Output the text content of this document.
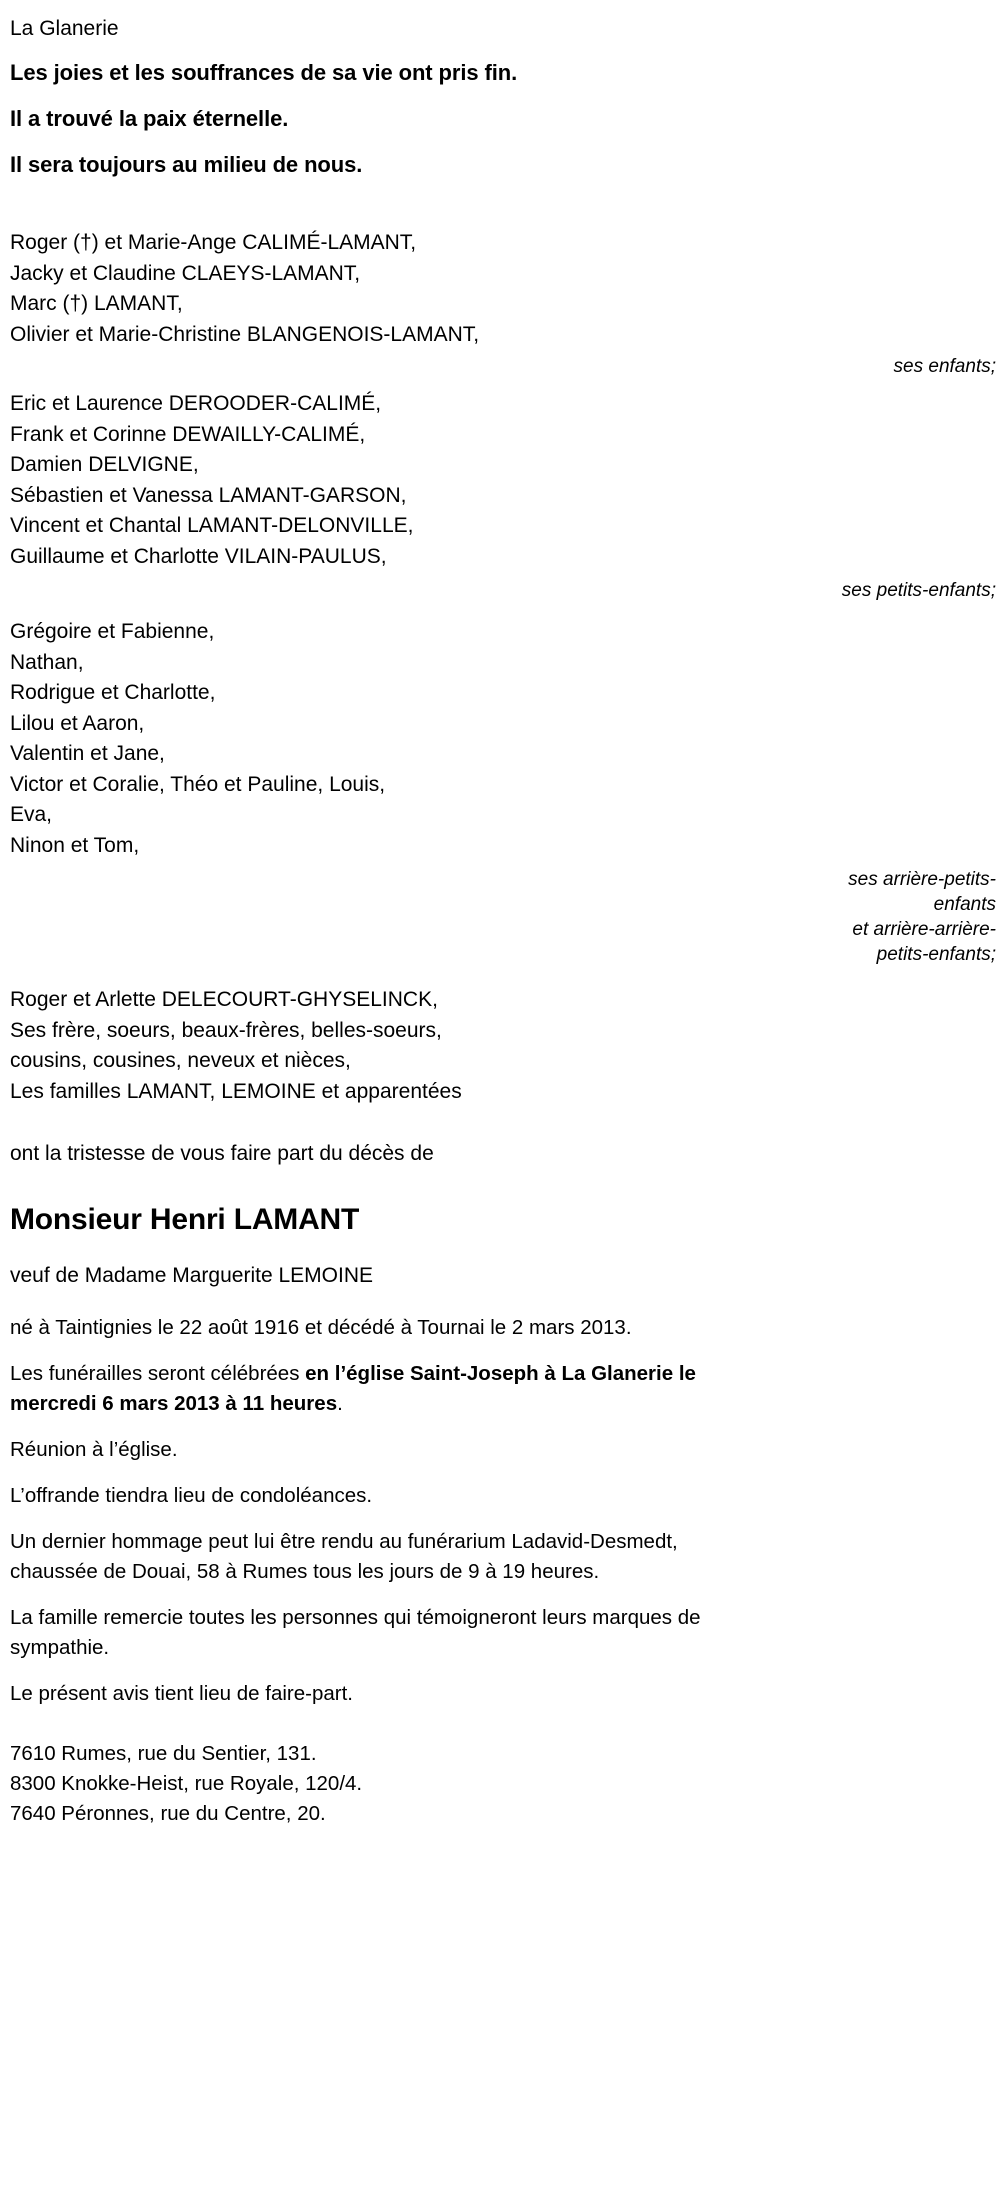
La Glanerie
Les joies et les souffrances de sa vie ont pris fin.
Il a trouvé la paix éternelle.
Il sera toujours au milieu de nous.
Roger (†) et Marie-Ange CALIMÉ-LAMANT,
Jacky et Claudine CLAEYS-LAMANT,
Marc (†) LAMANT,
Olivier et Marie-Christine BLANGENOIS-LAMANT,
ses enfants;
Eric et Laurence DEROODER-CALIMÉ,
Frank et Corinne DEWAILLY-CALIMÉ,
Damien DELVIGNE,
Sébastien et Vanessa LAMANT-GARSON,
Vincent et Chantal LAMANT-DELONVILLE,
Guillaume et Charlotte VILAIN-PAULUS,
ses petits-enfants;
Grégoire et Fabienne,
Nathan,
Rodrigue et Charlotte,
Lilou et Aaron,
Valentin et Jane,
Victor et Coralie, Théo et Pauline, Louis,
Eva,
Ninon et Tom,
ses arrière-petits-
enfants
et arrière-arrière-
petits-enfants;
Roger et Arlette DELECOURT-GHYSELINCK,
Ses frère, soeurs, beaux-frères, belles-soeurs,
cousins, cousines, neveux et nièces,
Les familles LAMANT, LEMOINE et apparentées
ont la tristesse de vous faire part du décès de
Monsieur Henri LAMANT
veuf de Madame Marguerite LEMOINE
né à Taintignies le 22 août 1916 et décédé à Tournai le 2 mars 2013.
Les funérailles seront célébrées en l’église Saint-Joseph à La Glanerie le mercredi 6 mars 2013 à 11 heures.
Réunion à l’église.
L’offrande tiendra lieu de condoléances.
Un dernier hommage peut lui être rendu au funérarium Ladavid-Desmedt, chaussée de Douai, 58 à Rumes tous les jours de 9 à 19 heures.
La famille remercie toutes les personnes qui témoigneront leurs marques de sympathie.
Le présent avis tient lieu de faire-part.
7610 Rumes, rue du Sentier, 131.
8300 Knokke-Heist, rue Royale, 120/4.
7640 Péronnes, rue du Centre, 20.
